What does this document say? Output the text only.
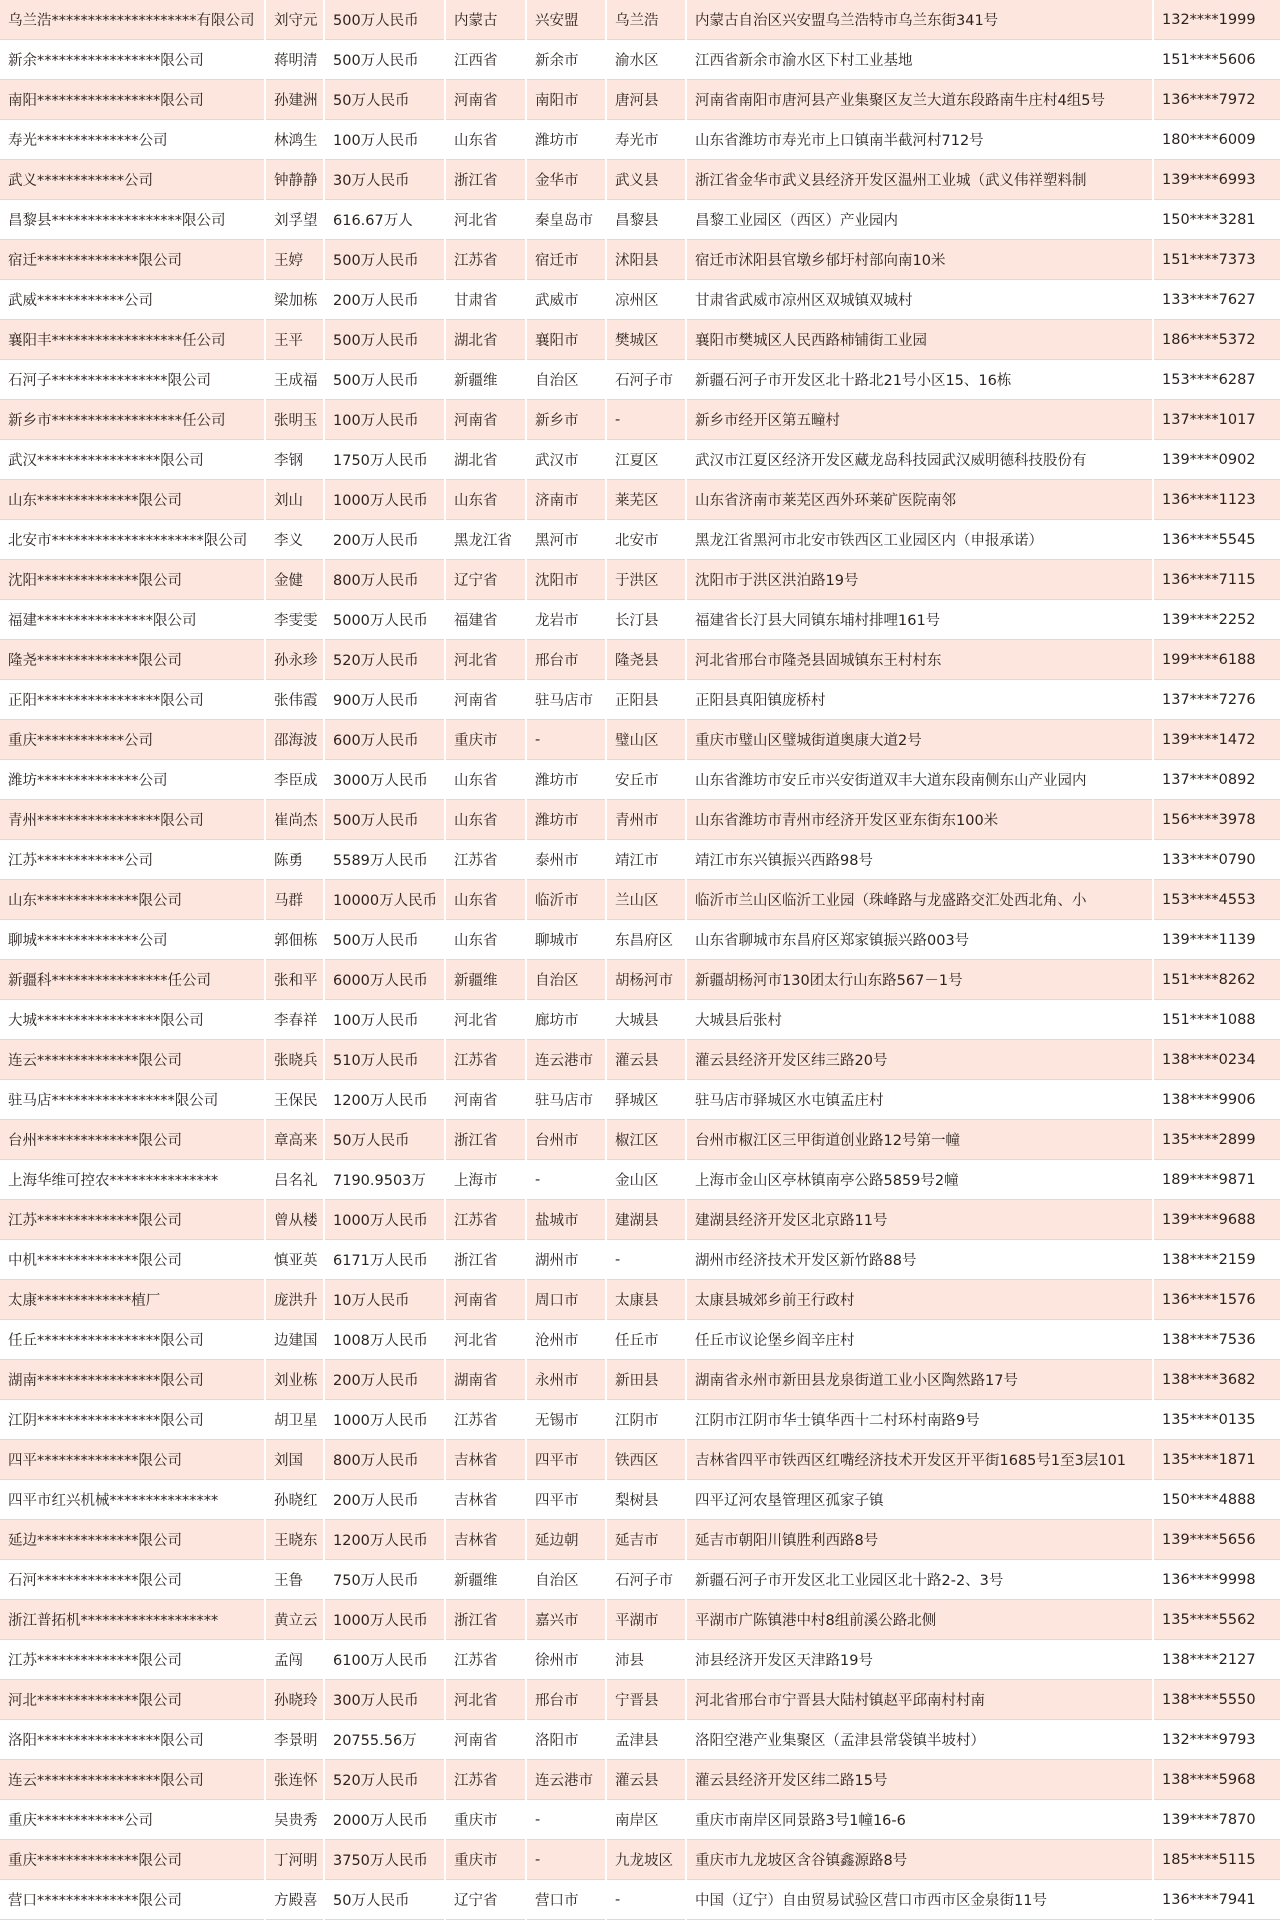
乌兰浩********************有限公司	刘守元	500万人民币	内蒙古	兴安盟	乌兰浩	内蒙古自治区兴安盟乌兰浩特市乌兰东街341号	132****1999
新余*****************限公司	蒋明清	500万人民币	江西省	新余市	渝水区	江西省新余市渝水区下村工业基地	151****5606
南阳*****************限公司	孙建洲	50万人民币	河南省	南阳市	唐河县	河南省南阳市唐河县产业集聚区友兰大道东段路南牛庄村4组5号	136****7972
寿光**************公司	林鸿生	100万人民币	山东省	潍坊市	寿光市	山东省潍坊市寿光市上口镇南半截河村712号	180****6009
武义************公司	钟静静	30万人民币	浙江省	金华市	武义县	浙江省金华市武义县经济开发区温州工业城（武义伟祥塑料制	139****6993
昌黎县******************限公司	刘孚望	616.67万人	河北省	秦皇岛市	昌黎县	昌黎工业园区（西区）产业园内	150****3281
宿迁**************限公司	王婷	500万人民币	江苏省	宿迁市	沭阳县	宿迁市沭阳县官墩乡郁圩村部向南10米	151****7373
武威************公司	梁加栋	200万人民币	甘肃省	武威市	凉州区	甘肃省武威市凉州区双城镇双城村	133****7627
襄阳丰******************任公司	王平	500万人民币	湖北省	襄阳市	樊城区	襄阳市樊城区人民西路柿铺街工业园	186****5372
石河子****************限公司	王成福	500万人民币	新疆维	自治区	石河子市	新疆石河子市开发区北十路北21号小区15、16栋	153****6287
新乡市******************任公司	张明玉	100万人民币	河南省	新乡市	-	新乡市经开区第五疃村	137****1017
武汉*****************限公司	李钢	1750万人民币	湖北省	武汉市	江夏区	武汉市江夏区经济开发区藏龙岛科技园武汉威明德科技股份有	139****0902
山东**************限公司	刘山	1000万人民币	山东省	济南市	莱芜区	山东省济南市莱芜区西外环莱矿医院南邻	136****1123
北安市*********************限公司	李义	200万人民币	黑龙江省	黑河市	北安市	黑龙江省黑河市北安市铁西区工业园区内（申报承诺）	136****5545
沈阳**************限公司	金健	800万人民币	辽宁省	沈阳市	于洪区	沈阳市于洪区洪泊路19号	136****7115
福建****************限公司	李雯雯	5000万人民币	福建省	龙岩市	长汀县	福建省长汀县大同镇东埔村排哩161号	139****2252
隆尧**************限公司	孙永珍	520万人民币	河北省	邢台市	隆尧县	河北省邢台市隆尧县固城镇东王村村东	199****6188
正阳*****************限公司	张伟霞	900万人民币	河南省	驻马店市	正阳县	正阳县真阳镇庞桥村	137****7276
重庆************公司	邵海波	600万人民币	重庆市	-	璧山区	重庆市璧山区璧城街道奥康大道2号	139****1472
潍坊**************公司	李臣成	3000万人民币	山东省	潍坊市	安丘市	山东省潍坊市安丘市兴安街道双丰大道东段南侧东山产业园内	137****0892
青州*****************限公司	崔尚杰	500万人民币	山东省	潍坊市	青州市	山东省潍坊市青州市经济开发区亚东街东100米	156****3978
江苏************公司	陈勇	5589万人民币	江苏省	泰州市	靖江市	靖江市东兴镇振兴西路98号	133****0790
山东**************限公司	马群	10000万人民币	山东省	临沂市	兰山区	临沂市兰山区临沂工业园（珠峰路与龙盛路交汇处西北角、小	153****4553
聊城**************公司	郭佃栋	500万人民币	山东省	聊城市	东昌府区	山东省聊城市东昌府区郑家镇振兴路003号	139****1139
新疆科****************任公司	张和平	6000万人民币	新疆维	自治区	胡杨河市	新疆胡杨河市130团太行山东路567－1号	151****8262
大城*****************限公司	李春祥	100万人民币	河北省	廊坊市	大城县	大城县后张村	151****1088
连云**************限公司	张晓兵	510万人民币	江苏省	连云港市	灌云县	灌云县经济开发区纬三路20号	138****0234
驻马店*****************限公司	王保民	1200万人民币	河南省	驻马店市	驿城区	驻马店市驿城区水屯镇孟庄村	138****9906
台州**************限公司	章高来	50万人民币	浙江省	台州市	椒江区	台州市椒江区三甲街道创业路12号第一幢	135****2899
上海华维可控农***************	吕名礼	7190.9503万	上海市	-	金山区	上海市金山区亭林镇南亭公路5859号2幢	189****9871
江苏**************限公司	曾从楼	1000万人民币	江苏省	盐城市	建湖县	建湖县经济开发区北京路11号	139****9688
中机**************限公司	慎亚英	6171万人民币	浙江省	湖州市	-	湖州市经济技术开发区新竹路88号	138****2159
太康*************植厂	庞洪升	10万人民币	河南省	周口市	太康县	太康县城郊乡前王行政村	136****1576
任丘*****************限公司	边建国	1008万人民币	河北省	沧州市	任丘市	任丘市议论堡乡阎辛庄村	138****7536
湖南*****************限公司	刘业栋	200万人民币	湖南省	永州市	新田县	湖南省永州市新田县龙泉街道工业小区陶然路17号	138****3682
江阴*****************限公司	胡卫星	1000万人民币	江苏省	无锡市	江阴市	江阴市江阴市华士镇华西十二村环村南路9号	135****0135
四平**************限公司	刘国	800万人民币	吉林省	四平市	铁西区	吉林省四平市铁西区红嘴经济技术开发区开平街1685号1至3层101	135****1871
四平市红兴机械***************	孙晓红	200万人民币	吉林省	四平市	梨树县	四平辽河农垦管理区孤家子镇	150****4888
延边**************限公司	王晓东	1200万人民币	吉林省	延边朝	延吉市	延吉市朝阳川镇胜利西路8号	139****5656
石河**************限公司	王鲁	750万人民币	新疆维	自治区	石河子市	新疆石河子市开发区北工业园区北十路2-2、3号	136****9998
浙江普拓机*******************	黄立云	1000万人民币	浙江省	嘉兴市	平湖市	平湖市广陈镇港中村8组前溪公路北侧	135****5562
江苏**************限公司	孟闯	6100万人民币	江苏省	徐州市	沛县	沛县经济开发区天津路19号	138****2127
河北**************限公司	孙晓玲	300万人民币	河北省	邢台市	宁晋县	河北省邢台市宁晋县大陆村镇赵平邱南村村南	138****5550
洛阳*****************限公司	李景明	20755.56万	河南省	洛阳市	孟津县	洛阳空港产业集聚区（孟津县常袋镇半坡村）	132****9793
连云*****************限公司	张连怀	520万人民币	江苏省	连云港市	灌云县	灌云县经济开发区纬二路15号	138****5968
重庆************公司	吴贵秀	2000万人民币	重庆市	-	南岸区	重庆市南岸区同景路3号1幢16-6	139****7870
重庆**************限公司	丁河明	3750万人民币	重庆市	-	九龙坡区	重庆市九龙坡区含谷镇鑫源路8号	185****5115
营口**************限公司	方殿喜	50万人民币	辽宁省	营口市	-	中国（辽宁）自由贸易试验区营口市西市区金泉街11号	136****7941
